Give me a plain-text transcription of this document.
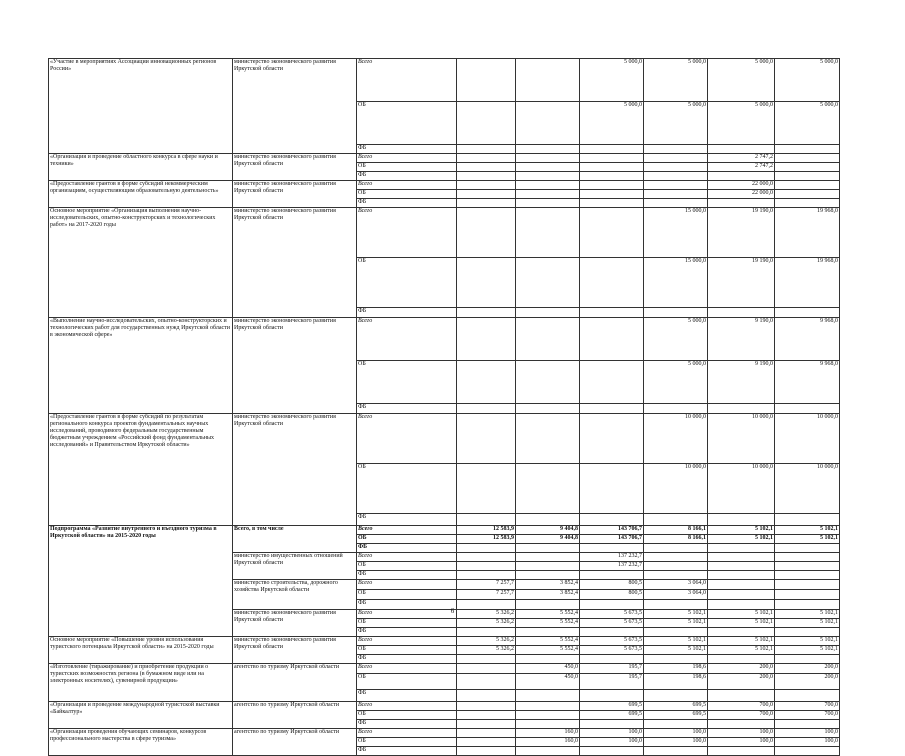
«Участие в мероприятиях Ассоциации инновационных регионов России»	министерство экономического развития Иркутской области	Всего			5 000,0	5 000,0	5 000,0	5 000,0	
		ОБ			5 000,0	5 000,0	5 000,0	5 000,0	
		ФБ							
«Организация и проведение областного конкурса в сфере науки и техники»	министерство экономического развития Иркутской области	Всего					2 747,2		
		ОБ					2 747,2		
		ФБ							
«Предоставление грантов в форме субсидий некоммерческим организациям, осуществляющим образовательную деятельность»	министерство экономического развития Иркутской области	Всего					22 000,0		
		ОБ					22 000,0		
		ФБ							
Основное мероприятие «Организация выполнения научно-исследовательских, опытно-конструкторских и технологических работ» на 2017-2020 годы	министерство экономического развития Иркутской области	Всего				15 000,0	19 190,0	19 968,0	
		ОБ				15 000,0	19 190,0	19 968,0	
		ФБ							
«Выполнение научно-исследовательских, опытно-конструкторских и технологических работ для государственных нужд Иркутской области в экономической сфере»	министерство экономического развития Иркутской области	Всего				5 000,0	9 190,0	9 968,0	
		ОБ				5 000,0	9 190,0	9 968,0	
		ФБ							
«Предоставление грантов в форме субсидий по результатам регионального конкурса проектов фундаментальных научных исследований, проводимого федеральным государственным бюджетным учреждением «Российский фонд фундаментальных исследований» и Правительством Иркутской области»	министерство экономического развития Иркутской области	Всего				10 000,0	10 000,0	10 000,0	
		ОБ				10 000,0	10 000,0	10 000,0	
		ФБ							
Подпрограмма «Развитие внутреннего и въездного туризма в Иркутской области» на 2015-2020 годы	Всего, в том числе	Всего	12 583,9	9 404,8	143 706,7	8 166,1	5 102,1	5 102,1	
		ОБ	12 583,9	9 404,8	143 706,7	8 166,1	5 102,1	5 102,1	
		ФБ							
	министерство имущественных отношений Иркутской области	Всего			137 232,7				
		ОБ			137 232,7				
		ФБ							
	министерство строительства, дорожного хозяйства Иркутской области	Всего	7 257,7	3 852,4	800,5	3 064,0			
		ОБ	7 257,7	3 852,4	800,5	3 064,0			
		ФБ							
	министерство экономического развития Иркутской области	Всего	5 326,2	5 552,4	5 673,5	5 102,1	5 102,1	5 102,1	
		ОБ	5 326,2	5 552,4	5 673,5	5 102,1	5 102,1	5 102,1	
		ФБ							
Основное мероприятие «Повышение уровня использования туристского потенциала Иркутской области» на 2015-2020 годы	министерство экономического развития Иркутской области	Всего	5 326,2	5 552,4	5 673,5	5 102,1	5 102,1	5 102,1	
		ОБ	5 326,2	5 552,4	5 673,5	5 102,1	5 102,1	5 102,1	
		ФБ							
«Изготовление (тиражирование) и приобретение продукции о туристских возможностях региона (в бумажном виде или на электронных носителях), сувенирной продукции»	агентство по туризму Иркутской области	Всего		450,0	195,7	198,6	200,0	200,0	
		ОБ		450,0	195,7	198,6	200,0	200,0	
		ФБ							
«Организация и проведение международной туристской выставки «Байкалтур»	агентство по туризму Иркутской области	Всего			699,5	699,5	700,0	700,0	
		ОБ			699,5	699,5	700,0	700,0	
		ФБ							
«Организация проведения обучающих семинаров, конкурсов профессионального мастерства в сфере туризма»	агентство по туризму Иркутской области	Всего		160,0	100,0	100,0	100,0	100,0	
		ОБ		160,0	100,0	100,0	100,0	100,0	
		ФБ							
6
